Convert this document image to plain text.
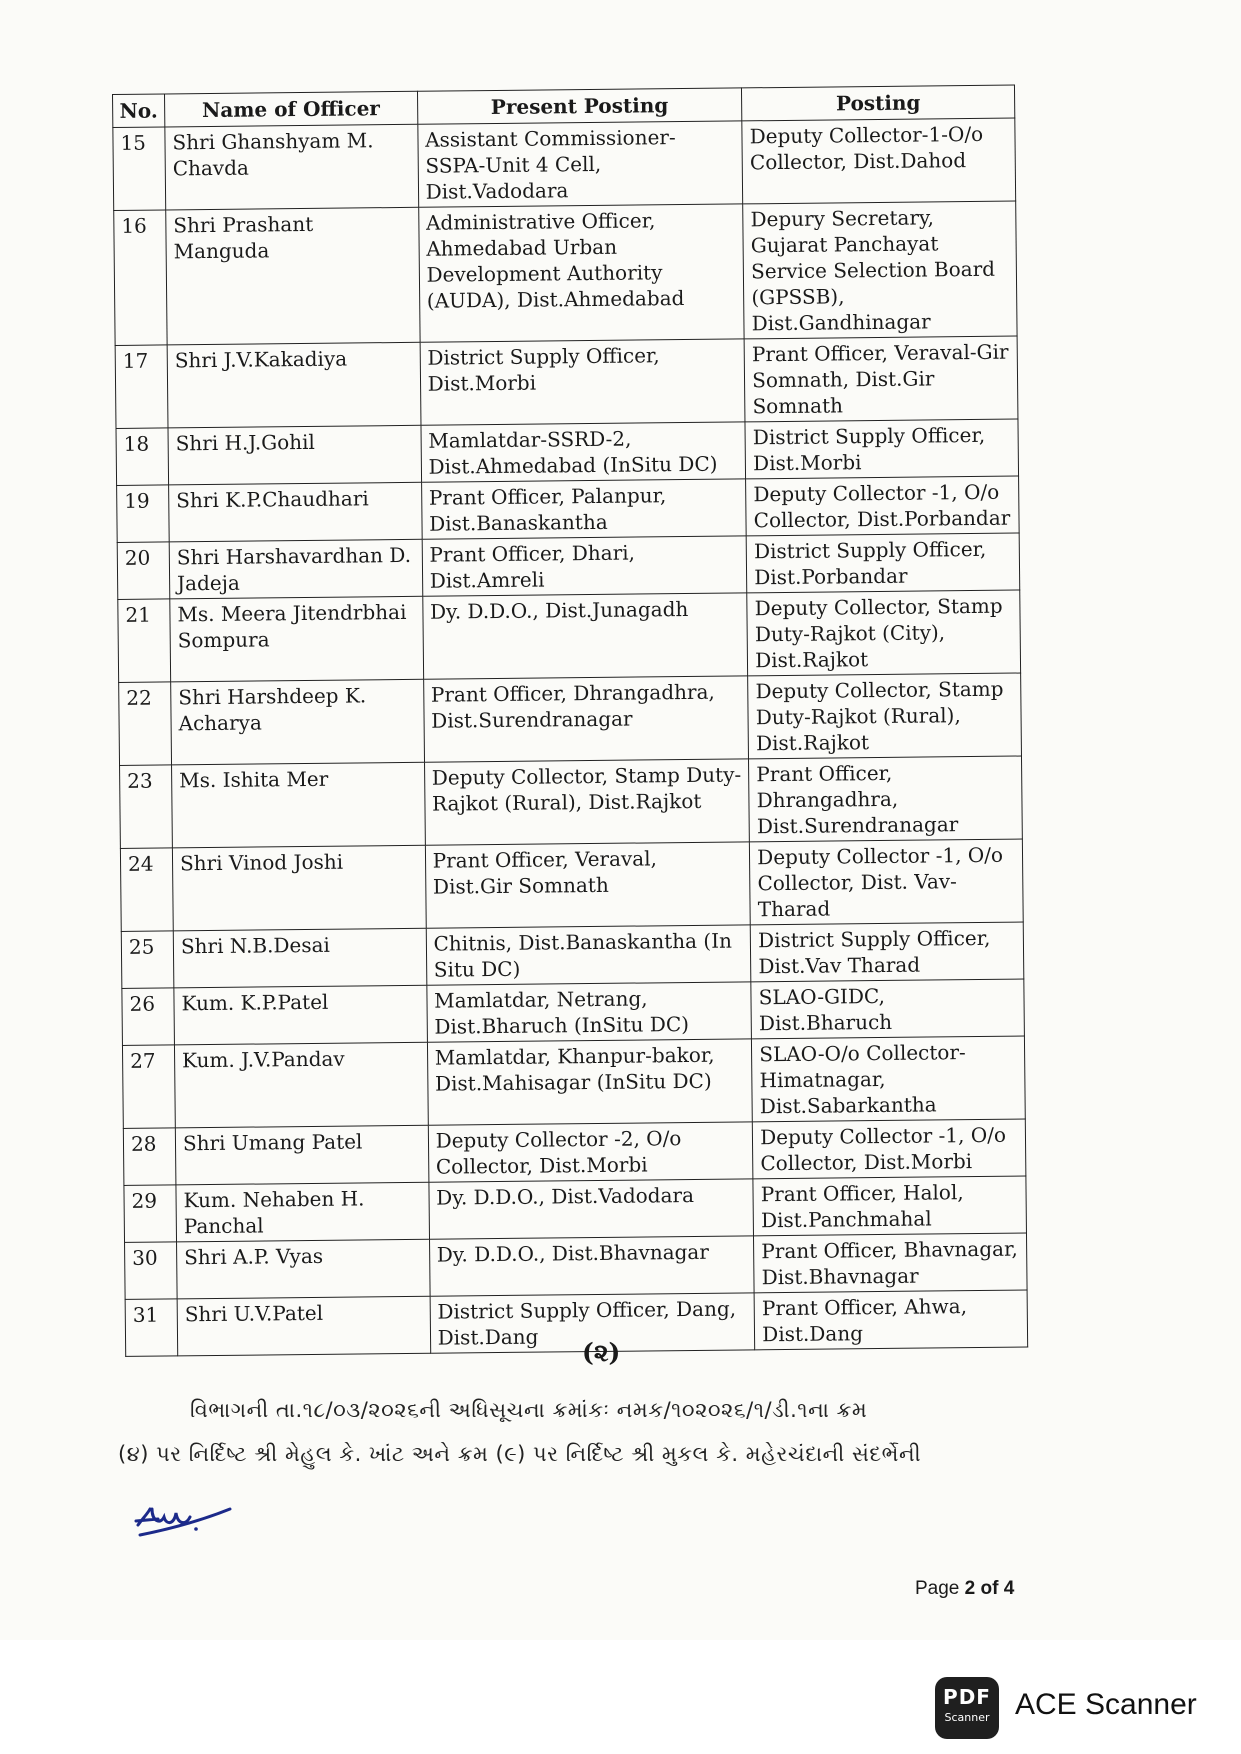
No.	Name of Officer	Present Posting	Posting
15	Shri Ghanshyam M. Chavda	Assistant Commissioner-SSPA-Unit 4 Cell, Dist.Vadodara	Deputy Collector-1-O/o Collector, Dist.Dahod
16	Shri Prashant Manguda	Administrative Officer, Ahmedabad Urban Development Authority (AUDA), Dist.Ahmedabad	Depury Secretary, Gujarat Panchayat Service Selection Board (GPSSB), Dist.Gandhinagar
17	Shri J.V.Kakadiya	District Supply Officer, Dist.Morbi	Prant Officer, Veraval-Gir Somnath, Dist.Gir Somnath
18	Shri H.J.Gohil	Mamlatdar-SSRD-2, Dist.Ahmedabad (InSitu DC)	District Supply Officer, Dist.Morbi
19	Shri K.P.Chaudhari	Prant Officer, Palanpur, Dist.Banaskantha	Deputy Collector -1, O/o Collector, Dist.Porbandar
20	Shri Harshavardhan D. Jadeja	Prant Officer, Dhari, Dist.Amreli	District Supply Officer, Dist.Porbandar
21	Ms. Meera Jitendrbhai Sompura	Dy. D.D.O., Dist.Junagadh	Deputy Collector, Stamp Duty-Rajkot (City), Dist.Rajkot
22	Shri Harshdeep K. Acharya	Prant Officer, Dhrangadhra, Dist.Surendranagar	Deputy Collector, Stamp Duty-Rajkot (Rural), Dist.Rajkot
23	Ms. Ishita Mer	Deputy Collector, Stamp Duty-Rajkot (Rural), Dist.Rajkot	Prant Officer, Dhrangadhra, Dist.Surendranagar
24	Shri Vinod Joshi	Prant Officer, Veraval, Dist.Gir Somnath	Deputy Collector -1, O/o Collector, Dist. Vav-Tharad
25	Shri N.B.Desai	Chitnis, Dist.Banaskantha (In Situ DC)	District Supply Officer, Dist.Vav Tharad
26	Kum. K.P.Patel	Mamlatdar, Netrang, Dist.Bharuch (InSitu DC)	SLAO-GIDC, Dist.Bharuch
27	Kum. J.V.Pandav	Mamlatdar, Khanpur-bakor, Dist.Mahisagar (InSitu DC)	SLAO-O/o Collector-Himatnagar, Dist.Sabarkantha
28	Shri Umang Patel	Deputy Collector -2, O/o Collector, Dist.Morbi	Deputy Collector -1, O/o Collector, Dist.Morbi
29	Kum. Nehaben H. Panchal	Dy. D.D.O., Dist.Vadodara	Prant Officer, Halol, Dist.Panchmahal
30	Shri A.P. Vyas	Dy. D.D.O., Dist.Bhavnagar	Prant Officer, Bhavnagar, Dist.Bhavnagar
31	Shri U.V.Patel	District Supply Officer, Dang, Dist.Dang	Prant Officer, Ahwa, Dist.Dang
(૨)
વિભાગની તા.૧૮/૦૩/૨૦૨૬ની અધિસૂચના ક્રમાંકઃ નમક/૧૦૨૦૨૬/૧/ડી.૧ના ક્રમ
(૪) પર નિર્દિષ્ટ શ્રી મેહુલ કે. ખાંટ અને ક્રમ (૯) પર નિર્દિષ્ટ શ્રી મુકલ કે. મહેરચંદાની સંદર્ભેની
Page 2 of 4
PDF
Scanner ACE Scanner
